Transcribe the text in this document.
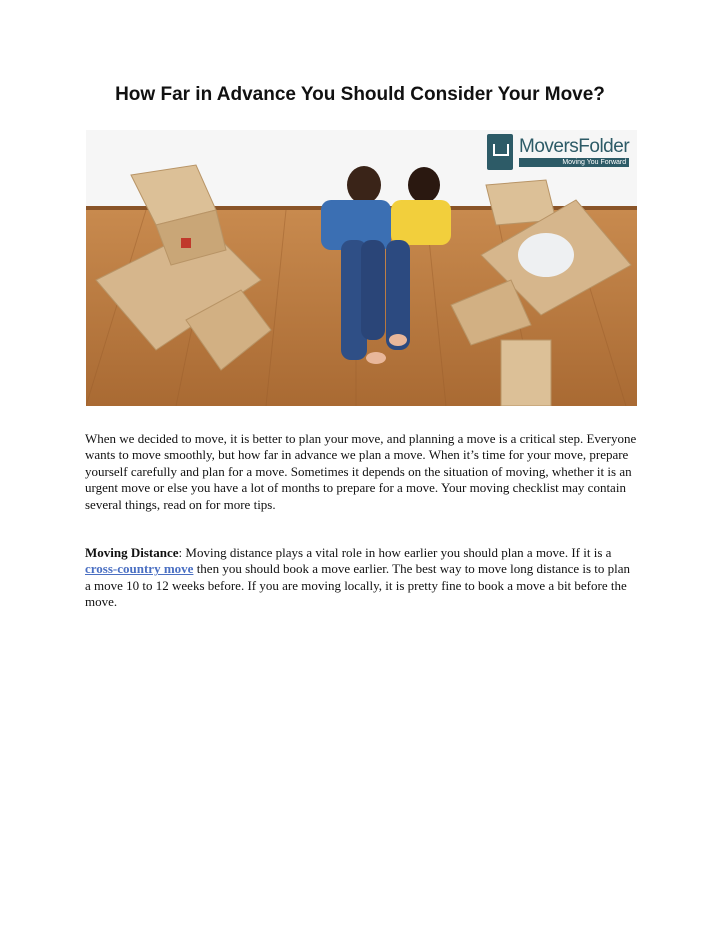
How Far in Advance You Should Consider Your Move?
MoversFolder
Moving You Forward

When we decided to move, it is better to plan your move, and planning a move is a critical step. Everyone wants to move smoothly, but how far in advance we plan a move. When it’s time for your move, prepare yourself carefully and plan for a move. Sometimes it depends on the situation of moving, whether it is an urgent move or else you have a lot of months to prepare for a move. Your moving checklist may contain several things, read on for more tips.

Moving Distance: Moving distance plays a vital role in how earlier you should plan a move. If it is a cross-country move then you should book a move earlier. The best way to move long distance is to plan a move 10 to 12 weeks before. If you are moving locally, it is pretty fine to book a move a bit before the move.
